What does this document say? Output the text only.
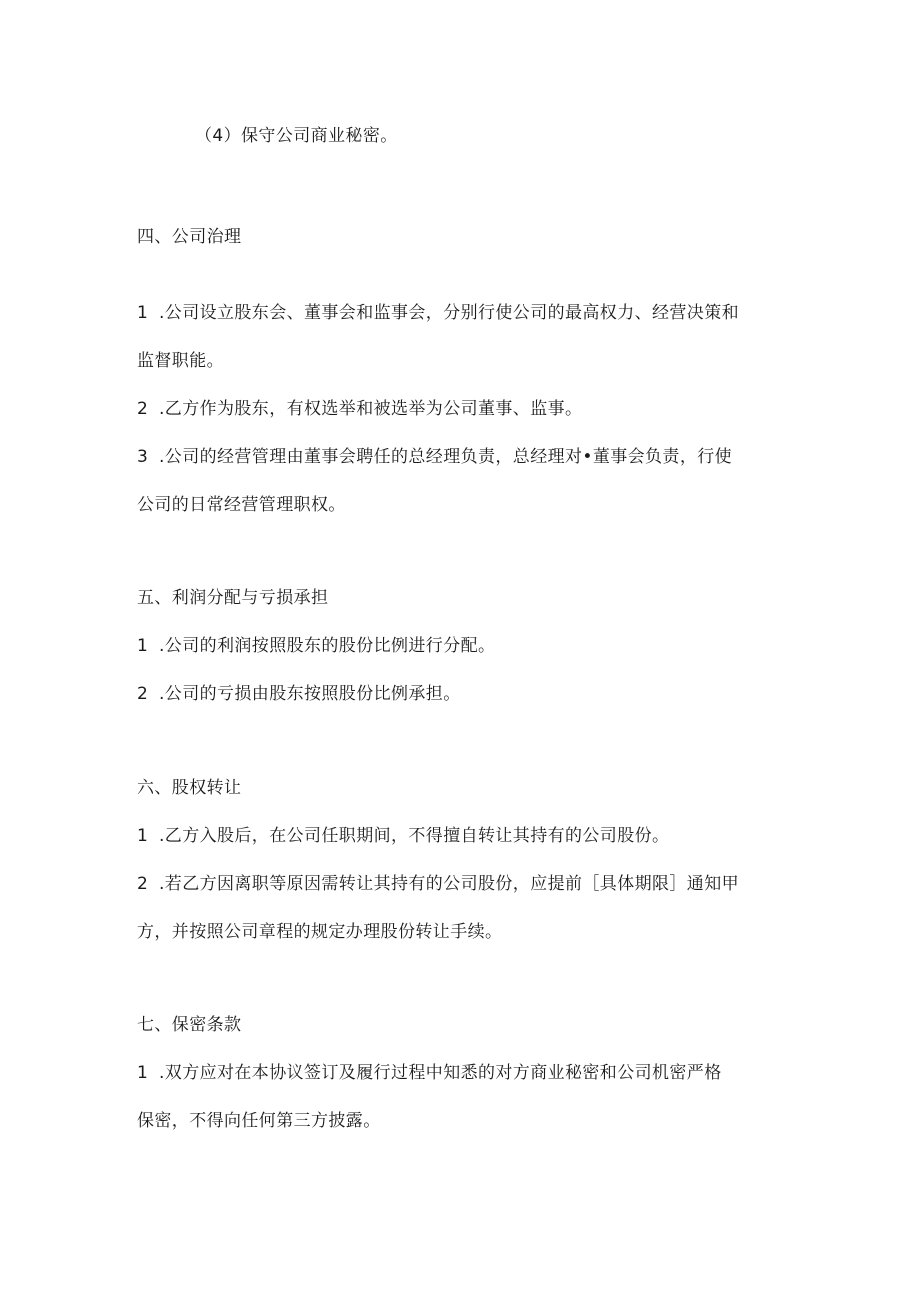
（4）保守公司商业秘密。
四、公司治理
1 .公司设立股东会、董事会和监事会，分别行使公司的最高权力、经营决策和
监督职能。
2 .乙方作为股东，有权选举和被选举为公司董事、监事。
3 .公司的经营管理由董事会聘任的总经理负责，总经理对•董事会负责，行使
公司的日常经营管理职权。
五、利润分配与亏损承担
1 .公司的利润按照股东的股份比例进行分配。
2 .公司的亏损由股东按照股份比例承担。
六、股权转让
1 .乙方入股后，在公司任职期间，不得擅自转让其持有的公司股份。
2 .若乙方因离职等原因需转让其持有的公司股份，应提前［具体期限］通知甲
方，并按照公司章程的规定办理股份转让手续。
七、保密条款
1 .双方应对在本协议签订及履行过程中知悉的对方商业秘密和公司机密严格
保密，不得向任何第三方披露。
